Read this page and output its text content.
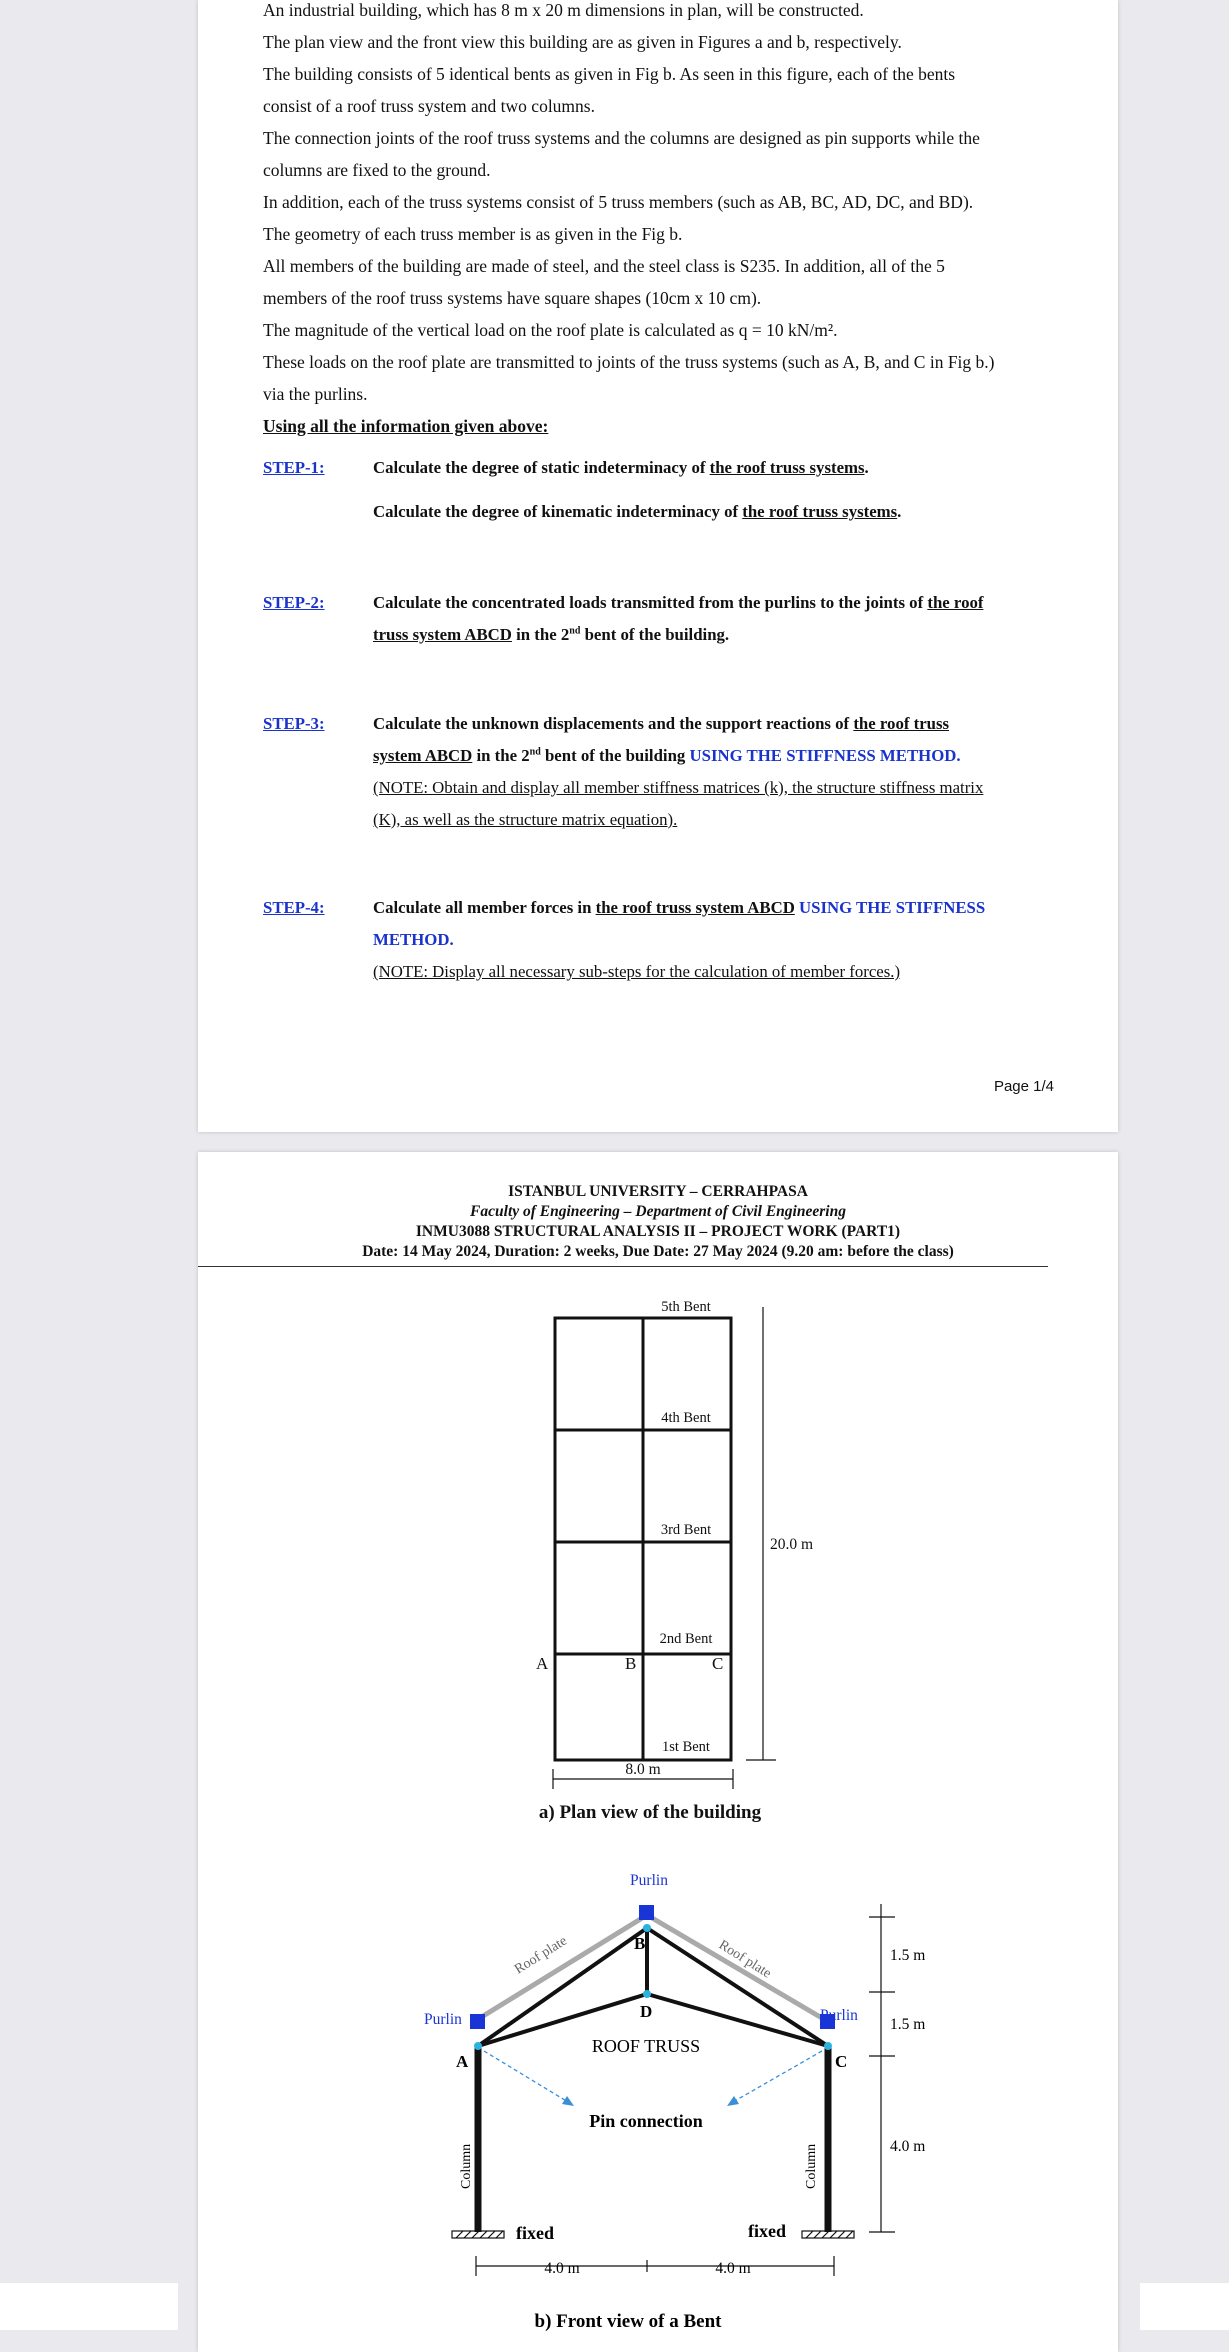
An industrial building, which has 8 m x 20 m dimensions in plan, will be constructed.

The plan view and the front view this building are as given in Figures a and b, respectively.

The building consists of 5 identical bents as given in Fig b. As seen in this figure, each of the bents

consist of a roof truss system and two columns.

The connection joints of the roof truss systems and the columns are designed as pin supports while the

columns are fixed to the ground.

In addition, each of the truss systems consist of 5 truss members (such as AB, BC, AD, DC, and BD).

The geometry of each truss member is as given in the Fig b.

All members of the building are made of steel, and the steel class is S235. In addition, all of the 5

members of the roof truss systems have square shapes (10cm x 10 cm).

The magnitude of the vertical load on the roof plate is calculated as q = 10 kN/m².

These loads on the roof plate are transmitted to joints of the truss systems (such as A, B, and C in Fig b.)

via the purlins.

Using all the information given above:

STEP-1:	Calculate the degree of static indeterminacy of the roof truss systems.

Calculate the degree of kinematic indeterminacy of the roof truss systems.

STEP-2:	Calculate the concentrated loads transmitted from the purlins to the joints of the roof

truss system ABCD in the 2nd bent of the building.

STEP-3:	Calculate the unknown displacements and the support reactions of the roof truss

system ABCD in the 2nd bent of the building USING THE STIFFNESS METHOD.

(NOTE: Obtain and display all member stiffness matrices (k), the structure stiffness matrix

(K), as well as the structure matrix equation).

STEP-4:	Calculate all member forces in the roof truss system ABCD USING THE STIFFNESS

METHOD.

(NOTE: Display all necessary sub-steps for the calculation of member forces.)

Page 1/4
ISTANBUL UNIVERSITY – CERRAHPASA
Faculty of Engineering – Department of Civil Engineering
INMU3088 STRUCTURAL ANALYSIS II – PROJECT WORK (PART1)
Date: 14 May 2024, Duration: 2 weeks, Due Date: 27 May 2024 (9.20 am: before the class)
5th Bent
4th Bent
3rd Bent
2nd Bent
1st Bent
A	B	C
20.0 m
8.0 m
a) Plan view of the building
Purlin
Purlin	Purlin
Roof plate	Roof plate
B
D
A	C
ROOF TRUSS
Pin connection
Column	Column
fixed	fixed
1.5 m
1.5 m
4.0 m
4.0 m	4.0 m
b) Front view of a Bent
